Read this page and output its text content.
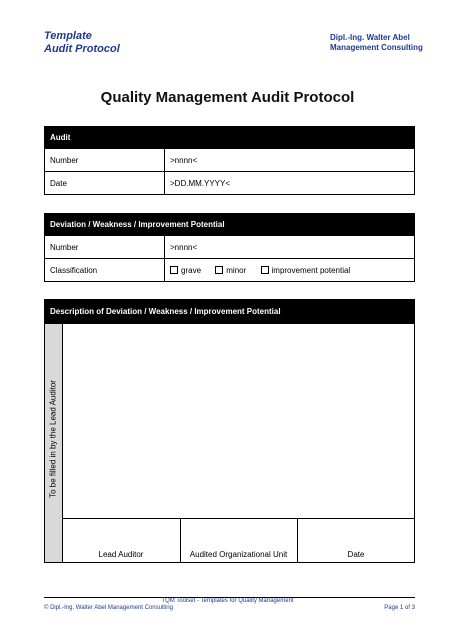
Template
Audit Protocol
Dipl.-Ing. Walter Abel
Management Consulting
Quality Management Audit Protocol
Audit	
Number	>nnnn<
Date	>DD.MM.YYYY<
Deviation / Weakness / Improvement Potential	
Number	>nnnn<
Classification	grave minor improvement potential
Description of Deviation / Weakness / Improvement Potential
To be filled in by the Lead Auditor
Lead Auditor	Audited Organizational Unit	Date
TQM Toolset - Templates for Quality Management
© Dipl.-Ing. Walter Abel Management Consulting	Page 1 of 3
